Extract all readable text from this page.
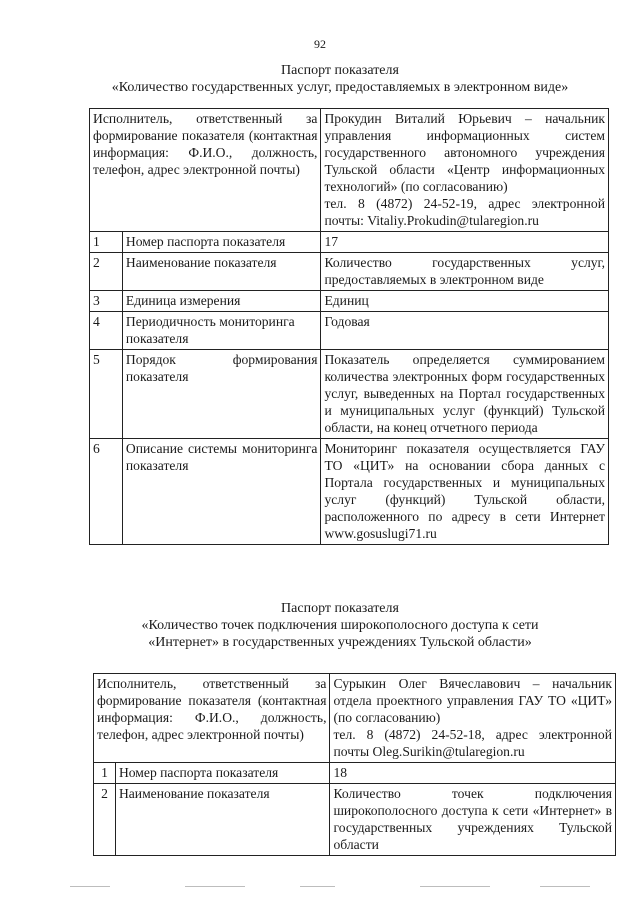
92
Паспорт показателя
«Количество государственных услуг, предоставляемых в электронном виде»
Исполнитель, ответственный за формирование показателя (контактная информация: Ф.И.О., должность, телефон, адрес электронной почты)		Прокудин Виталий Юрьевич – начальник управления информационных систем государственного автономного учреждения Тульской области «Центр информационных технологий» (по согласованию)
тел. 8 (4872) 24-52-19, адрес электронной почты: Vitaliy.Prokudin@tularegion.ru

1	Номер паспорта показателя	17
2	Наименование показателя	Количество государственных услуг, предоставляемых в электронном виде
3	Единица измерения	Единиц
4	Периодичность мониторинга показателя	Годовая
5	Порядок формирования показателя	Показатель определяется суммированием количества электронных форм государственных услуг, выведенных на Портал государственных и муниципальных услуг (функций) Тульской области, на конец отчетного периода
6	Описание системы мониторинга показателя	Мониторинг показателя осуществляется ГАУ ТО «ЦИТ» на основании сбора данных с Портала государственных и муниципальных услуг (функций) Тульской области, расположенного по адресу в сети Интернет www.gosuslugi71.ru
Паспорт показателя
«Количество точек подключения широкополосного доступа к сети
«Интернет» в государственных учреждениях Тульской области»
Исполнитель, ответственный за формирование показателя (контактная информация: Ф.И.О., должность, телефон, адрес электронной почты)		Сурыкин Олег Вячеславович – начальник отдела проектного управления ГАУ ТО «ЦИТ» (по согласованию)
тел. 8 (4872) 24-52-18, адрес электронной почты Oleg.Surikin@tularegion.ru

1	Номер паспорта показателя	18
2	Наименование показателя	Количество точек подключения широкополосного доступа к сети «Интернет» в государственных учреждениях Тульской области
